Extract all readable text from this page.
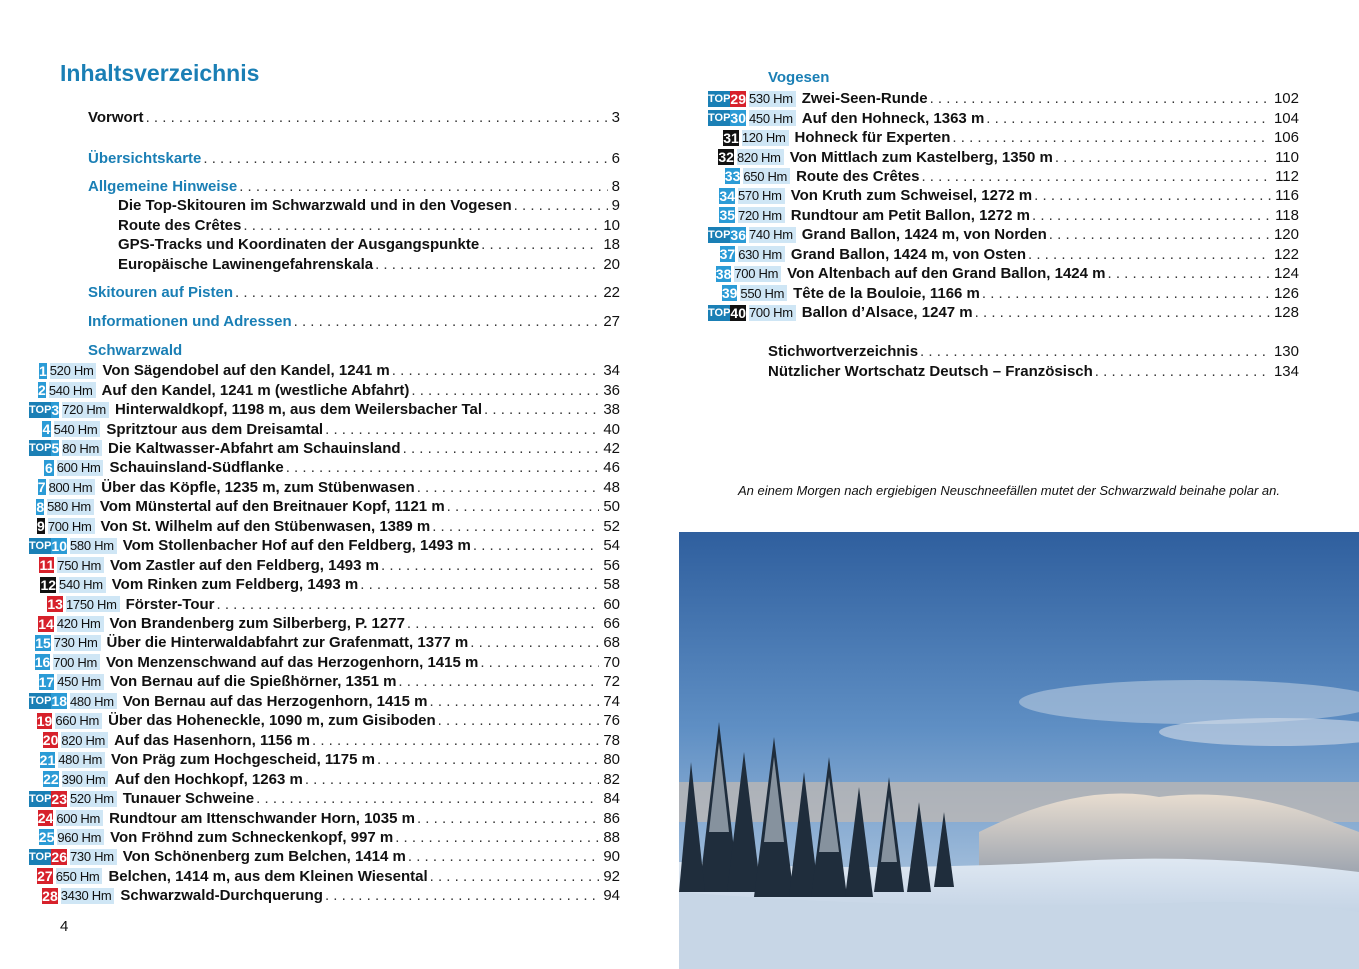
Inhaltsverzeichnis
Vorwort . . .	3
Übersichtskarte . . .	6
Allgemeine Hinweise . . .	8
Die Top-Skitouren im Schwarzwald und in den Vogesen . . .	9
Route des Crêtes . . .	10
GPS-Tracks und Koordinaten der Ausgangspunkte . . .	18
Europäische Lawinengefahrenskala . . .	20
Skitouren auf Pisten . . .	22
Informationen und Adressen . . .	27
Schwarzwald
1 520 Hm Von Sägendobel auf den Kandel, 1241 m . . .	34
2 540 Hm Auf den Kandel, 1241 m (westliche Abfahrt) . . .	36
TOP 3 720 Hm Hinterwaldkopf, 1198 m, aus dem Weilersbacher Tal . . .	38
4 540 Hm Spritztour aus dem Dreisamtal . . .	40
TOP 5 80 Hm Die Kaltwasser-Abfahrt am Schauinsland . . .	42
6 600 Hm Schauinsland-Südflanke . . .	46
7 800 Hm Über das Köpfle, 1235 m, zum Stübenwasen . . .	48
8 580 Hm Vom Münstertal auf den Breitnauer Kopf, 1121 m . . .	50
9 700 Hm Von St. Wilhelm auf den Stübenwasen, 1389 m . . .	52
TOP 10 580 Hm Vom Stollenbacher Hof auf den Feldberg, 1493 m . . .	54
11 750 Hm Vom Zastler auf den Feldberg, 1493 m . . .	56
12 540 Hm Vom Rinken zum Feldberg, 1493 m . . .	58
13 1750 Hm Förster-Tour . . .	60
14 420 Hm Von Brandenberg zum Silberberg, P. 1277 . . .	66
15 730 Hm Über die Hinterwaldabfahrt zur Grafenmatt, 1377 m . . .	68
16 700 Hm Von Menzenschwand auf das Herzogenhorn, 1415 m . . .	70
17 450 Hm Von Bernau auf die Spießhörner, 1351 m . . .	72
TOP 18 480 Hm Von Bernau auf das Herzogenhorn, 1415 m . . .	74
19 660 Hm Über das Hoheneckle, 1090 m, zum Gisiboden . . .	76
20 820 Hm Auf das Hasenhorn, 1156 m . . .	78
21 480 Hm Von Präg zum Hochgescheid, 1175 m . . .	80
22 390 Hm Auf den Hochkopf, 1263 m . . .	82
TOP 23 520 Hm Tunauer Schweine . . .	84
24 600 Hm Rundtour am Ittenschwander Horn, 1035 m . . .	86
25 960 Hm Von Fröhnd zum Schneckenkopf, 997 m . . .	88
TOP 26 730 Hm Von Schönenberg zum Belchen, 1414 m . . .	90
27 650 Hm Belchen, 1414 m, aus dem Kleinen Wiesental . . .	92
28 3430 Hm Schwarzwald-Durchquerung . . .	94
Vogesen
TOP 29 530 Hm Zwei-Seen-Runde . . .	102
TOP 30 450 Hm Auf den Hohneck, 1363 m . . .	104
31 120 Hm Hohneck für Experten . . .	106
32 820 Hm Von Mittlach zum Kastelberg, 1350 m . . .	110
33 650 Hm Route des Crêtes . . .	112
34 570 Hm Von Kruth zum Schweisel, 1272 m . . .	116
35 720 Hm Rundtour am Petit Ballon, 1272 m . . .	118
TOP 36 740 Hm Grand Ballon, 1424 m, von Norden . . .	120
37 630 Hm Grand Ballon, 1424 m, von Osten . . .	122
38 700 Hm Von Altenbach auf den Grand Ballon, 1424 m . . .	124
39 550 Hm Tête de la Bouloie, 1166 m . . .	126
TOP 40 700 Hm Ballon d’Alsace, 1247 m . . .	128
Stichwortverzeichnis . . .	130
Nützlicher Wortschatz Deutsch – Französisch . . .	134
4
An einem Morgen nach ergiebigen Neuschneefällen mutet der Schwarzwald beinahe polar an.
